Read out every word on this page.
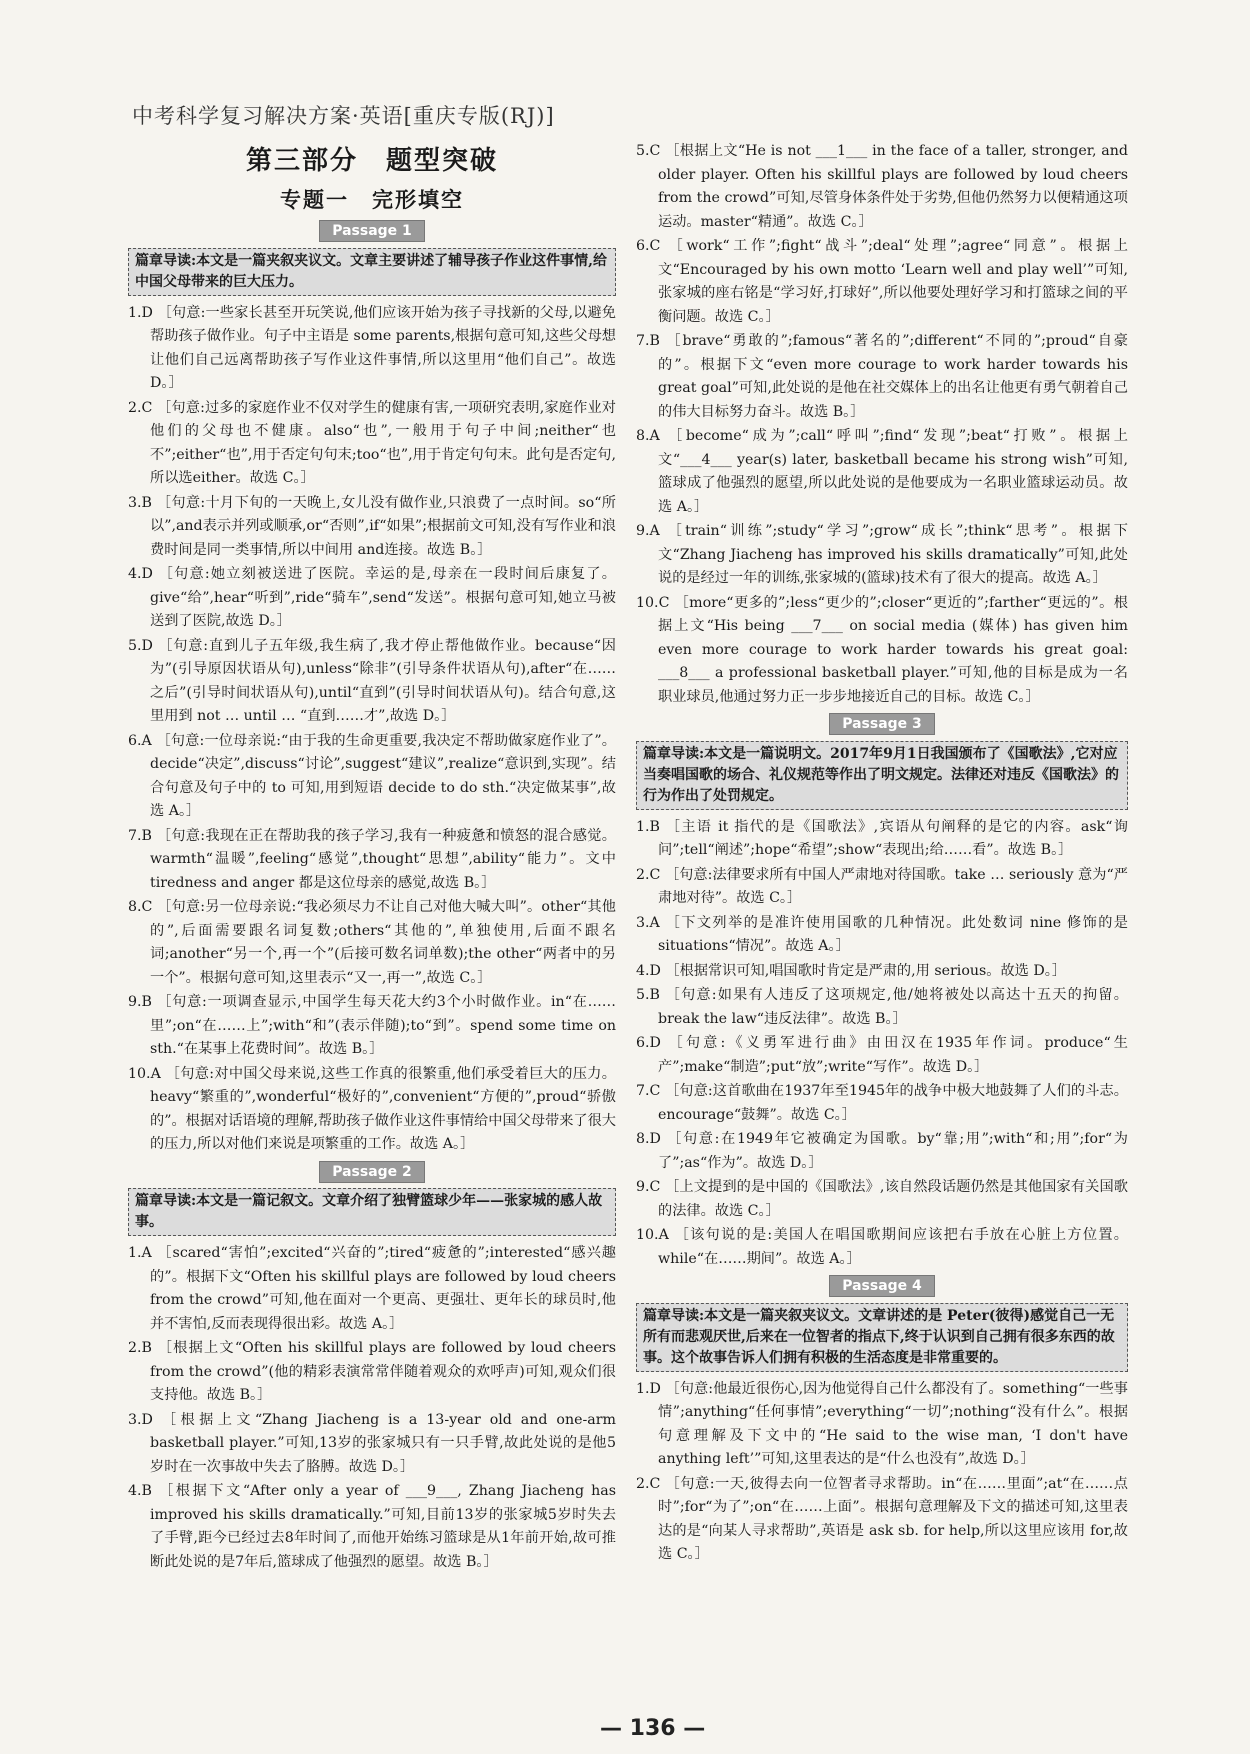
中考科学复习解决方案·英语[重庆专版(RJ)]
第三部分　题型突破
专题一　完形填空
Passage 1
篇章导读:本文是一篇夹叙夹议文。文章主要讲述了辅导孩子作业这件事情,给中国父母带来的巨大压力。
1.D ［句意:一些家长甚至开玩笑说,他们应该开始为孩子寻找新的父母,以避免帮助孩子做作业。句子中主语是 some parents,根据句意可知,这些父母想让他们自己远离帮助孩子写作业这件事情,所以这里用“他们自己”。故选 D。］
2.C ［句意:过多的家庭作业不仅对学生的健康有害,一项研究表明,家庭作业对他们的父母也不健康。also“也”,一般用于句子中间;neither“也不”;either“也”,用于否定句句末;too“也”,用于肯定句句末。此句是否定句,所以选either。故选 C。］
3.B ［句意:十月下旬的一天晚上,女儿没有做作业,只浪费了一点时间。so“所以”,and表示并列或顺承,or“否则”,if“如果”;根据前文可知,没有写作业和浪费时间是同一类事情,所以中间用 and连接。故选 B。］
4.D ［句意:她立刻被送进了医院。幸运的是,母亲在一段时间后康复了。give“给”,hear“听到”,ride“骑车”,send“发送”。根据句意可知,她立马被送到了医院,故选 D。］
5.D ［句意:直到儿子五年级,我生病了,我才停止帮他做作业。because“因为”(引导原因状语从句),unless“除非”(引导条件状语从句),after“在……之后”(引导时间状语从句),until“直到”(引导时间状语从句)。结合句意,这里用到 not … until … “直到……才”,故选 D。］
6.A ［句意:一位母亲说:“由于我的生命更重要,我决定不帮助做家庭作业了”。decide“决定”,discuss“讨论”,suggest“建议”,realize“意识到,实现”。结合句意及句子中的 to 可知,用到短语 decide to do sth.“决定做某事”,故选 A。］
7.B ［句意:我现在正在帮助我的孩子学习,我有一种疲惫和愤怒的混合感觉。warmth“温暖”,feeling“感觉”,thought“思想”,ability“能力”。文中 tiredness and anger 都是这位母亲的感觉,故选 B。］
8.C ［句意:另一位母亲说:“我必须尽力不让自己对他大喊大叫”。other“其他的”,后面需要跟名词复数;others“其他的”,单独使用,后面不跟名词;another“另一个,再一个”(后接可数名词单数);the other“两者中的另一个”。根据句意可知,这里表示“又一,再一”,故选 C。］
9.B ［句意:一项调查显示,中国学生每天花大约3个小时做作业。in“在……里”;on“在……上”;with“和”(表示伴随);to“到”。spend some time on sth.“在某事上花费时间”。故选 B。］
10.A ［句意:对中国父母来说,这些工作真的很繁重,他们承受着巨大的压力。heavy“繁重的”,wonderful“极好的”,convenient“方便的”,proud“骄傲的”。根据对话语境的理解,帮助孩子做作业这件事情给中国父母带来了很大的压力,所以对他们来说是项繁重的工作。故选 A。］
Passage 2
篇章导读:本文是一篇记叙文。文章介绍了独臂篮球少年——张家城的感人故事。
1.A ［scared“害怕”;excited“兴奋的”;tired“疲惫的”;interested“感兴趣的”。根据下文“Often his skillful plays are followed by loud cheers from the crowd”可知,他在面对一个更高、更强壮、更年长的球员时,他并不害怕,反而表现得很出彩。故选 A。］
2.B ［根据上文“Often his skillful plays are followed by loud cheers from the crowd”(他的精彩表演常常伴随着观众的欢呼声)可知,观众们很支持他。故选 B。］
3.D ［根据上文“Zhang Jiacheng is a 13-year old and one-arm basketball player.”可知,13岁的张家城只有一只手臂,故此处说的是他5岁时在一次事故中失去了胳膊。故选 D。］
4.B ［根据下文“After only a year of ___9___, Zhang Jiacheng has improved his skills dramatically.”可知,目前13岁的张家城5岁时失去了手臂,距今已经过去8年时间了,而他开始练习篮球是从1年前开始,故可推断此处说的是7年后,篮球成了他强烈的愿望。故选 B。］
5.C ［根据上文“He is not ___1___ in the face of a taller, stronger, and older player. Often his skillful plays are followed by loud cheers from the crowd”可知,尽管身体条件处于劣势,但他仍然努力以便精通这项运动。master“精通”。故选 C。］
6.C ［work“工作”;fight“战斗”;deal“处理”;agree“同意”。根据上文“Encouraged by his own motto ‘Learn well and play well’”可知,张家城的座右铭是“学习好,打球好”,所以他要处理好学习和打篮球之间的平衡问题。故选 C。］
7.B ［brave“勇敢的”;famous“著名的”;different“不同的”;proud“自豪的”。根据下文“even more courage to work harder towards his great goal”可知,此处说的是他在社交媒体上的出名让他更有勇气朝着自己的伟大目标努力奋斗。故选 B。］
8.A ［become“成为”;call“呼叫”;find“发现”;beat“打败”。根据上文“___4___ year(s) later, basketball became his strong wish”可知,篮球成了他强烈的愿望,所以此处说的是他要成为一名职业篮球运动员。故选 A。］
9.A ［train“训练”;study“学习”;grow“成长”;think“思考”。根据下文“Zhang Jiacheng has improved his skills dramatically”可知,此处说的是经过一年的训练,张家城的(篮球)技术有了很大的提高。故选 A。］
10.C ［more“更多的”;less“更少的”;closer“更近的”;farther“更远的”。根据上文“His being ___7___ on social media (媒体) has given him even more courage to work harder towards his great goal: ___8___ a professional basketball player.”可知,他的目标是成为一名职业球员,他通过努力正一步步地接近自己的目标。故选 C。］
Passage 3
篇章导读:本文是一篇说明文。2017年9月1日我国颁布了《国歌法》,它对应当奏唱国歌的场合、礼仪规范等作出了明文规定。法律还对违反《国歌法》的行为作出了处罚规定。
1.B ［主语 it 指代的是《国歌法》,宾语从句阐释的是它的内容。ask“询问”;tell“阐述”;hope“希望”;show“表现出;给……看”。故选 B。］
2.C ［句意:法律要求所有中国人严肃地对待国歌。take … seriously 意为“严肃地对待”。故选 C。］
3.A ［下文列举的是准许使用国歌的几种情况。此处数词 nine 修饰的是 situations“情况”。故选 A。］
4.D ［根据常识可知,唱国歌时肯定是严肃的,用 serious。故选 D。］
5.B ［句意:如果有人违反了这项规定,他/她将被处以高达十五天的拘留。break the law“违反法律”。故选 B。］
6.D ［句意:《义勇军进行曲》由田汉在1935年作词。produce“生产”;make“制造”;put“放”;write“写作”。故选 D。］
7.C ［句意:这首歌曲在1937年至1945年的战争中极大地鼓舞了人们的斗志。encourage“鼓舞”。故选 C。］
8.D ［句意:在1949年它被确定为国歌。by“靠;用”;with“和;用”;for“为了”;as“作为”。故选 D。］
9.C ［上文提到的是中国的《国歌法》,该自然段话题仍然是其他国家有关国歌的法律。故选 C。］
10.A ［该句说的是:美国人在唱国歌期间应该把右手放在心脏上方位置。while“在……期间”。故选 A。］
Passage 4
篇章导读:本文是一篇夹叙夹议文。文章讲述的是 Peter(彼得)感觉自己一无所有而悲观厌世,后来在一位智者的指点下,终于认识到自己拥有很多东西的故事。这个故事告诉人们拥有积极的生活态度是非常重要的。
1.D ［句意:他最近很伤心,因为他觉得自己什么都没有了。something“一些事情”;anything“任何事情”;everything“一切”;nothing“没有什么”。根据句意理解及下文中的“He said to the wise man, ‘I don't have anything left’”可知,这里表达的是“什么也没有”,故选 D。］
2.C ［句意:一天,彼得去向一位智者寻求帮助。in“在……里面”;at“在……点时”;for“为了”;on“在……上面”。根据句意理解及下文的描述可知,这里表达的是“向某人寻求帮助”,英语是 ask sb. for help,所以这里应该用 for,故选 C。］
— 136 —
